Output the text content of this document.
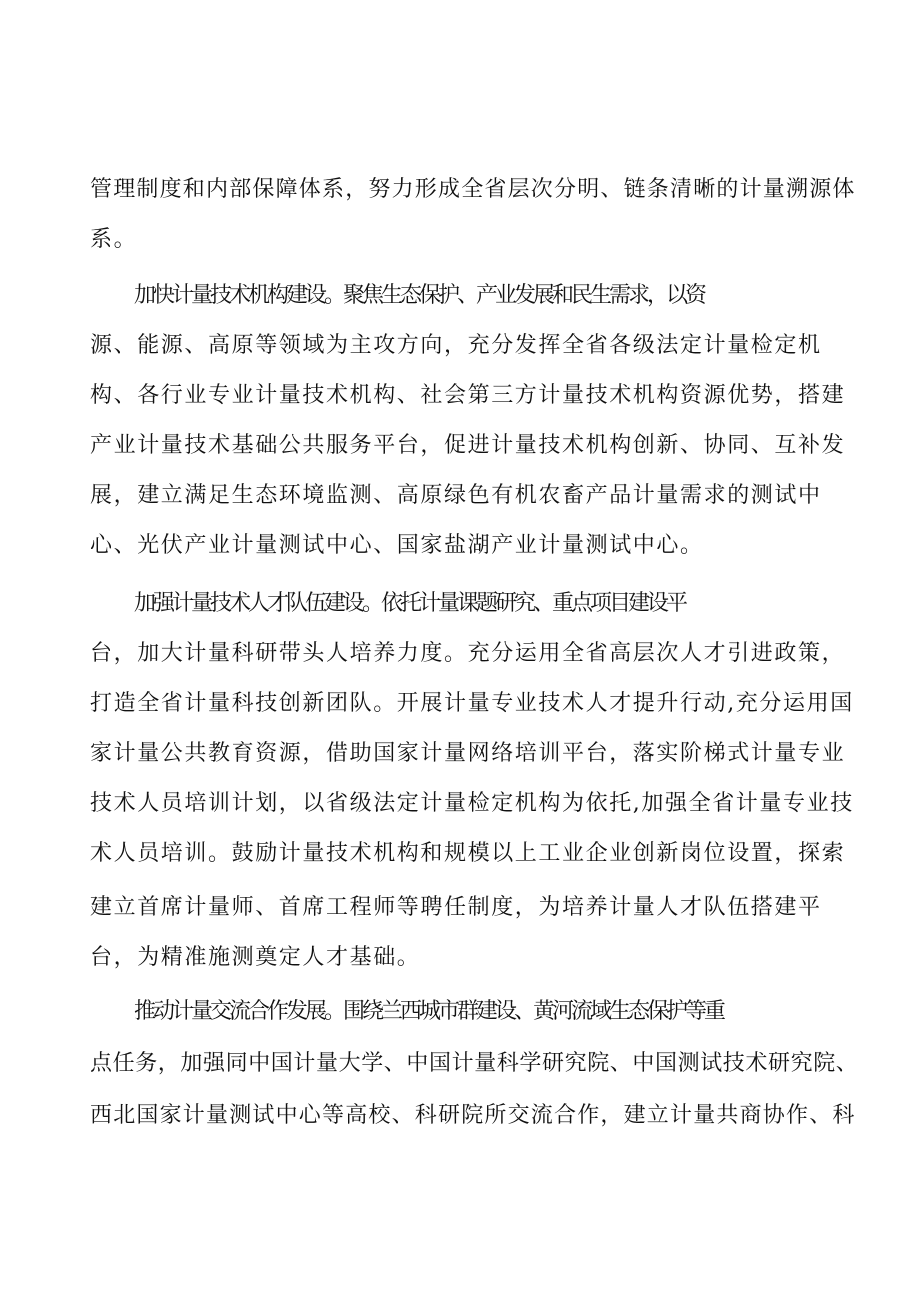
管理制度和内部保障体系，努力形成全省层次分明、链条清晰的计量溯源体
系。
加快计量技术机构建设。聚焦生态保护、产业发展和民生需求，以资
源、能源、高原等领域为主攻方向，充分发挥全省各级法定计量检定机
构、各行业专业计量技术机构、社会第三方计量技术机构资源优势，搭建
产业计量技术基础公共服务平台，促进计量技术机构创新、协同、互补发
展，建立满足生态环境监测、高原绿色有机农畜产品计量需求的测试中
心、光伏产业计量测试中心、国家盐湖产业计量测试中心。
加强计量技术人才队伍建设。依托计量课题研究、重点项目建设平
台，加大计量科研带头人培养力度。充分运用全省高层次人才引进政策，
打造全省计量科技创新团队。开展计量专业技术人才提升行动,充分运用国
家计量公共教育资源，借助国家计量网络培训平台，落实阶梯式计量专业
技术人员培训计划，以省级法定计量检定机构为依托,加强全省计量专业技
术人员培训。鼓励计量技术机构和规模以上工业企业创新岗位设置，探索
建立首席计量师、首席工程师等聘任制度，为培养计量人才队伍搭建平
台，为精准施测奠定人才基础。
推动计量交流合作发展。围绕兰西城市群建设、黄河流域生态保护等重
点任务，加强同中国计量大学、中国计量科学研究院、中国测试技术研究院、
西北国家计量测试中心等高校、科研院所交流合作，建立计量共商协作、科
